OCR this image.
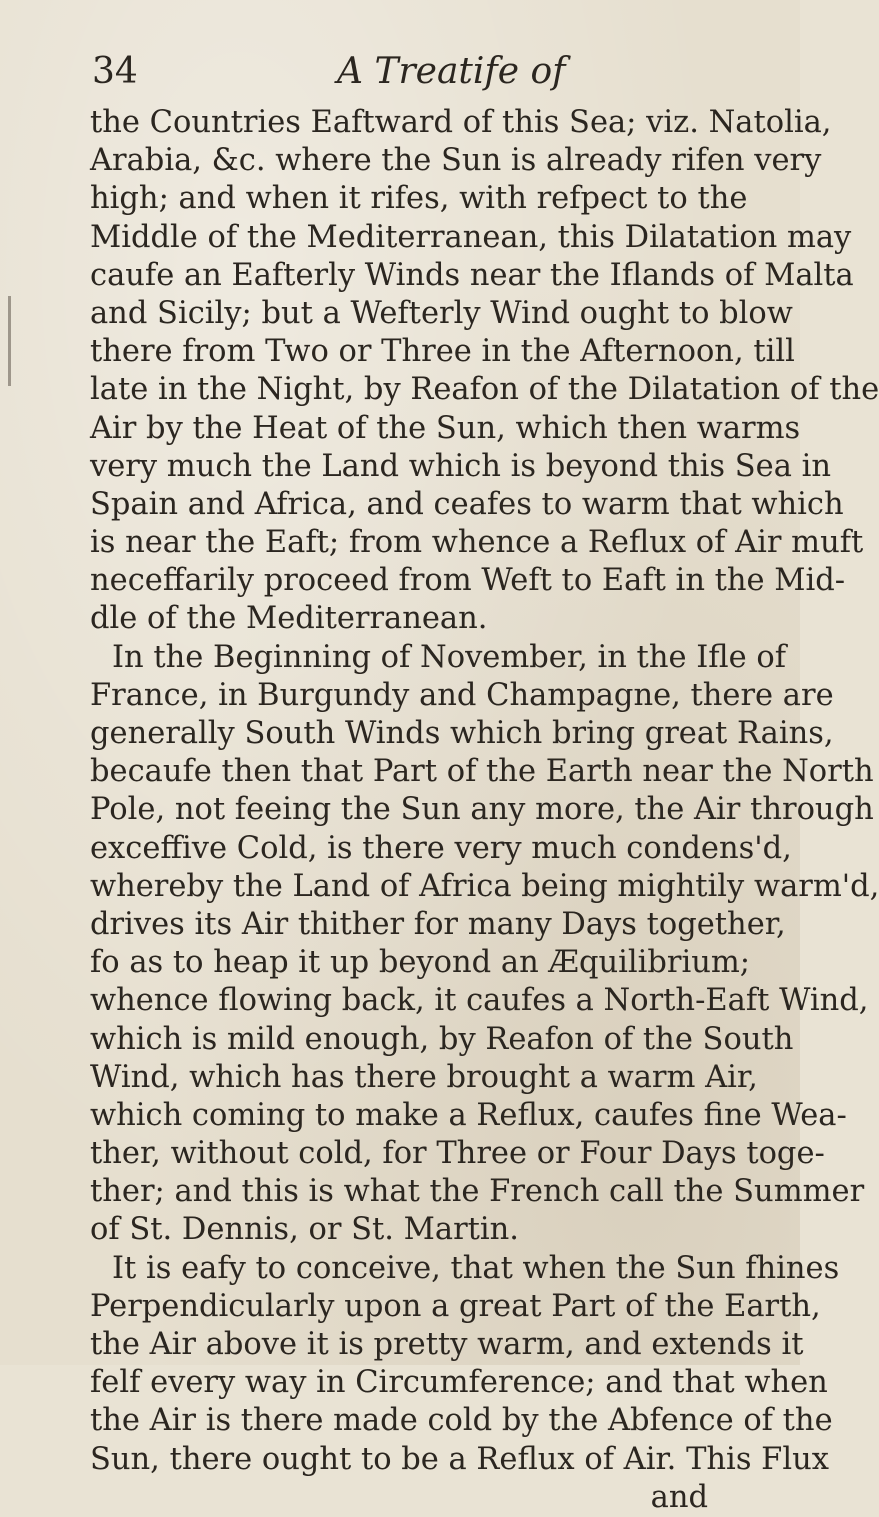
34	A Treatife of
the Countries Eaftward of this Sea; viz. Natolia,
Arabia, &c. where the Sun is already rifen very
high; and when it rifes, with refpect to the
Middle of the Mediterranean, this Dilatation may
caufe an Eafterly Winds near the Iflands of Malta
and Sicily; but a Wefterly Wind ought to blow
there from Two or Three in the Afternoon, till
late in the Night, by Reafon of the Dilatation of the
Air by the Heat of the Sun, which then warms
very much the Land which is beyond this Sea in
Spain and Africa, and ceafes to warm that which
is near the Eaft; from whence a Reflux of Air muft
neceffarily proceed from Weft to Eaft in the Mid-
dle of the Mediterranean.
In the Beginning of November, in the Ifle of
France, in Burgundy and Champagne, there are
generally South Winds which bring great Rains,
becaufe then that Part of the Earth near the North
Pole, not feeing the Sun any more, the Air through
exceffive Cold, is there very much condens'd,
whereby the Land of Africa being mightily warm'd,
drives its Air thither for many Days together,
fo as to heap it up beyond an Æquilibrium;
whence flowing back, it caufes a North-Eaft Wind,
which is mild enough, by Reafon of the South
Wind, which has there brought a warm Air,
which coming to make a Reflux, caufes fine Wea-
ther, without cold, for Three or Four Days toge-
ther; and this is what the French call the Summer
of St. Dennis, or St. Martin.
It is eafy to conceive, that when the Sun fhines
Perpendicularly upon a great Part of the Earth,
the Air above it is pretty warm, and extends it
felf every way in Circumference; and that when
the Air is there made cold by the Abfence of the
Sun, there ought to be a Reflux of Air. This Flux
and
